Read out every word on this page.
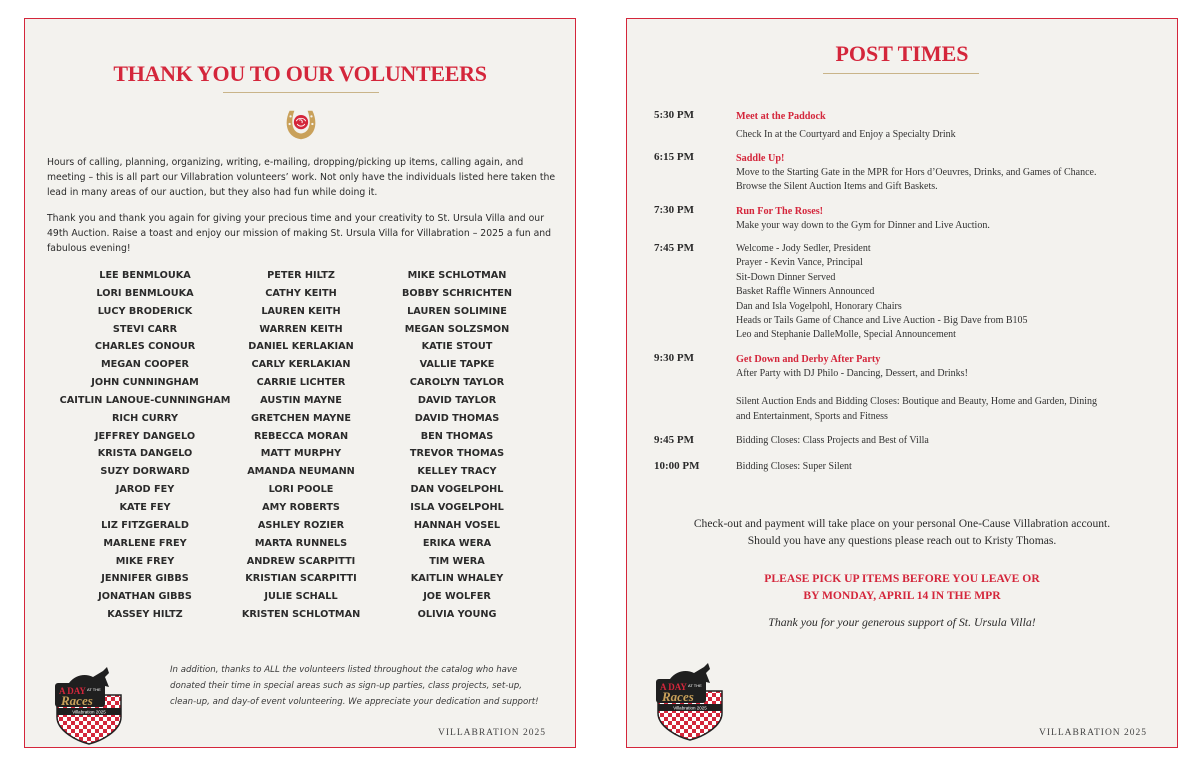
THANK YOU TO OUR VOLUNTEERS
Hours of calling, planning, organizing, writing, e-mailing, dropping/picking up items, calling again, and meeting – this is all part our Villabration volunteers’ work. Not only have the individuals listed here taken the lead in many areas of our auction, but they also had fun while doing it.
Thank you and thank you again for giving your precious time and your creativity to St. Ursula Villa and our 49th Auction. Raise a toast and enjoy our mission of making St. Ursula Villa for Villabration – 2025 a fun and fabulous evening!
LEE BENMLOUKA
LORI BENMLOUKA
LUCY BRODERICK
STEVI CARR
CHARLES CONOUR
MEGAN COOPER
JOHN CUNNINGHAM
CAITLIN LANOUE-CUNNINGHAM
RICH CURRY
JEFFREY DANGELO
KRISTA DANGELO
SUZY DORWARD
JAROD FEY
KATE FEY
LIZ FITZGERALD
MARLENE FREY
MIKE FREY
JENNIFER GIBBS
JONATHAN GIBBS
KASSEY HILTZ
PETER HILTZ
CATHY KEITH
LAUREN KEITH
WARREN KEITH
DANIEL KERLAKIAN
CARLY KERLAKIAN
CARRIE LICHTER
AUSTIN MAYNE
GRETCHEN MAYNE
REBECCA MORAN
MATT MURPHY
AMANDA NEUMANN
LORI POOLE
AMY ROBERTS
ASHLEY ROZIER
MARTA RUNNELS
ANDREW SCARPITTI
KRISTIAN SCARPITTI
JULIE SCHALL
KRISTEN SCHLOTMAN
MIKE SCHLOTMAN
BOBBY SCHRICHTEN
LAUREN SOLIMINE
MEGAN SOLZSMON
KATIE STOUT
VALLIE TAPKE
CAROLYN TAYLOR
DAVID TAYLOR
DAVID THOMAS
BEN THOMAS
TREVOR THOMAS
KELLEY TRACY
DAN VOGELPOHL
ISLA VOGELPOHL
HANNAH VOSEL
ERIKA WERA
TIM WERA
KAITLIN WHALEY
JOE WOLFER
OLIVIA YOUNG
A DAY AT THE
Races
Villabration 2025
In addition, thanks to ALL the volunteers listed throughout the catalog who have donated their time in special areas such as sign-up parties, class projects, set-up, clean-up, and day-of event volunteering. We appreciate your dedication and support!
VILLABRATION 2025
POST TIMES
5:30 PM	Meet at the Paddock
Check In at the Courtyard and Enjoy a Specialty Drink
6:15 PM	Saddle Up!
Move to the Starting Gate in the MPR for Hors d’Oeuvres, Drinks, and Games of Chance.
Browse the Silent Auction Items and Gift Baskets.
7:30 PM	Run For The Roses!
Make your way down to the Gym for Dinner and Live Auction.
7:45 PM	Welcome - Jody Sedler, President
Prayer - Kevin Vance, Principal
Sit-Down Dinner Served
Basket Raffle Winners Announced
Dan and Isla Vogelpohl, Honorary Chairs
Heads or Tails Game of Chance and Live Auction - Big Dave from B105
Leo and Stephanie DalleMolle, Special Announcement
9:30 PM	Get Down and Derby After Party
After Party with DJ Philo - Dancing, Dessert, and Drinks!
Silent Auction Ends and Bidding Closes: Boutique and Beauty, Home and Garden, Dining
and Entertainment, Sports and Fitness
9:45 PM	Bidding Closes: Class Projects and Best of Villa
10:00 PM	Bidding Closes: Super Silent
Check-out and payment will take place on your personal One-Cause Villabration account.
Should you have any questions please reach out to Kristy Thomas.
PLEASE PICK UP ITEMS BEFORE YOU LEAVE OR
BY MONDAY, APRIL 14 IN THE MPR
Thank you for your generous support of St. Ursula Villa!
A DAY AT THE
Races
Villabration 2025
VILLABRATION 2025
